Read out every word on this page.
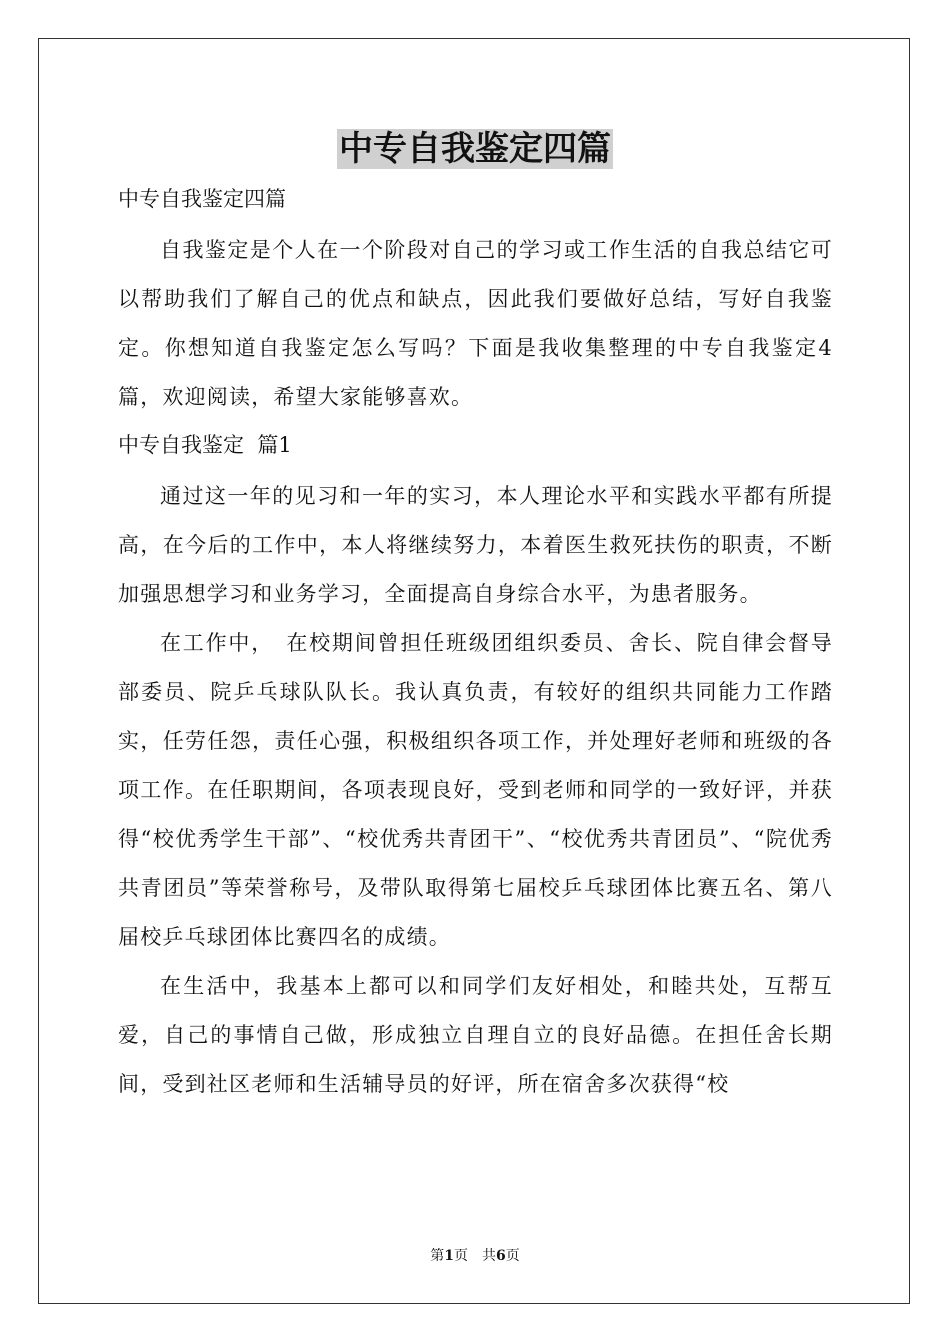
中专自我鉴定四篇
中专自我鉴定四篇

自我鉴定是个人在一个阶段对自己的学习或工作生活的自我总结它可以帮助我们了解自己的优点和缺点，因此我们要做好总结，写好自我鉴定。你想知道自我鉴定怎么写吗？下面是我收集整理的中专自我鉴定4篇，欢迎阅读，希望大家能够喜欢。

中专自我鉴定  篇1

通过这一年的见习和一年的实习，本人理论水平和实践水平都有所提高，在今后的工作中，本人将继续努力，本着医生救死扶伤的职责，不断加强思想学习和业务学习，全面提高自身综合水平，为患者服务。

在工作中，　在校期间曾担任班级团组织委员、舍长、院自律会督导部委员、院乒乓球队队长。我认真负责，有较好的组织共同能力工作踏实，任劳任怨，责任心强，积极组织各项工作，并处理好老师和班级的各项工作。在任职期间，各项表现良好，受到老师和同学的一致好评，并获得“校优秀学生干部”、“校优秀共青团干”、“校优秀共青团员”、“院优秀共青团员”等荣誉称号，及带队取得第七届校乒乓球团体比赛五名、第八届校乒乓球团体比赛四名的成绩。

在生活中，我基本上都可以和同学们友好相处，和睦共处，互帮互爱，自己的事情自己做，形成独立自理自立的良好品德。在担任舍长期间，受到社区老师和生活辅导员的好评，所在宿舍多次获得“校

第1页　共6页
